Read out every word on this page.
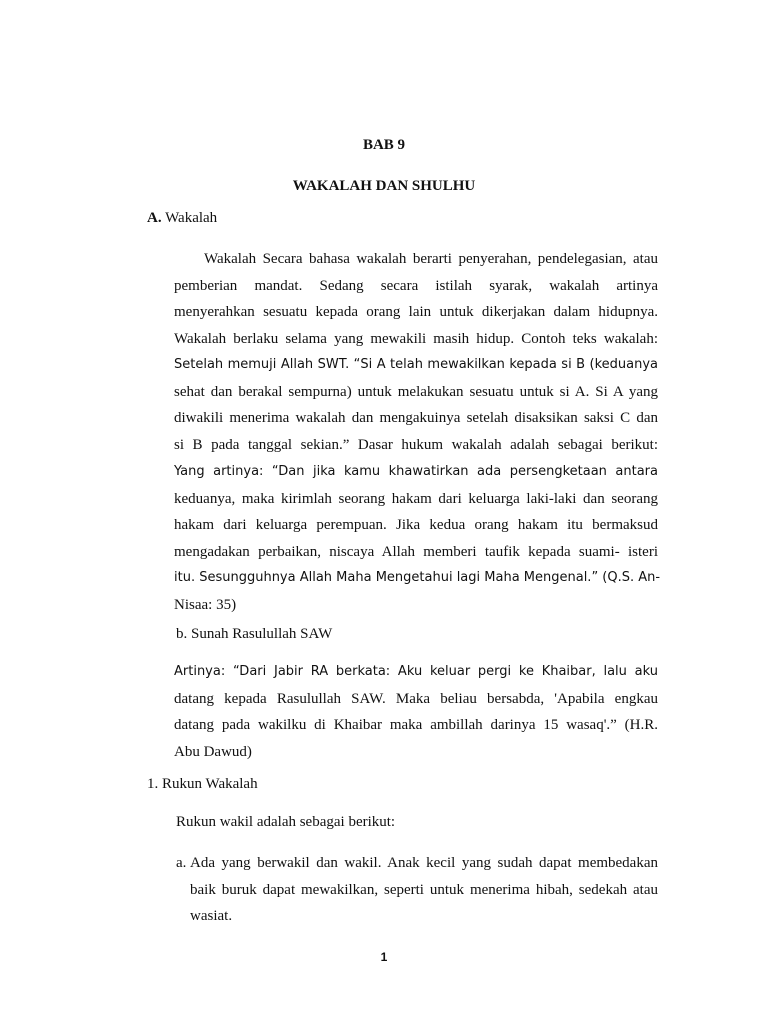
BAB 9
WAKALAH DAN SHULHU
A. Wakalah
Wakalah Secara bahasa wakalah berarti penyerahan, pendelegasian, atau
pemberian mandat. Sedang secara istilah syarak, wakalah artinya
menyerahkan sesuatu kepada orang lain untuk dikerjakan dalam hidupnya.
Wakalah berlaku selama yang mewakili masih hidup. Contoh teks wakalah:
Setelah memuji Allah SWT. “Si A telah mewakilkan kepada si B (keduanya
sehat dan berakal sempurna) untuk melakukan sesuatu untuk si A. Si A yang
diwakili menerima wakalah dan mengakuinya setelah disaksikan saksi C dan
si B pada tanggal sekian.” Dasar hukum wakalah adalah sebagai berikut:
Yang artinya: “Dan jika kamu khawatirkan ada persengketaan antara
keduanya, maka kirimlah seorang hakam dari keluarga laki-laki dan seorang
hakam dari keluarga perempuan. Jika kedua orang hakam itu bermaksud
mengadakan perbaikan, niscaya Allah memberi taufik kepada suami- isteri
itu. Sesungguhnya Allah Maha Mengetahui lagi Maha Mengenal.” (Q.S. An-
Nisaa: 35)
b. Sunah Rasulullah SAW
Artinya: “Dari Jabir RA berkata: Aku keluar pergi ke Khaibar, lalu aku
datang kepada Rasulullah SAW. Maka beliau bersabda, 'Apabila engkau
datang pada wakilku di Khaibar maka ambillah darinya 15 wasaq'.” (H.R.
Abu Dawud)
1. Rukun Wakalah
Rukun wakil adalah sebagai berikut:
a. Ada yang berwakil dan wakil. Anak kecil yang sudah dapat membedakan
baik buruk dapat mewakilkan, seperti untuk menerima hibah, sedekah atau
wasiat.
1
